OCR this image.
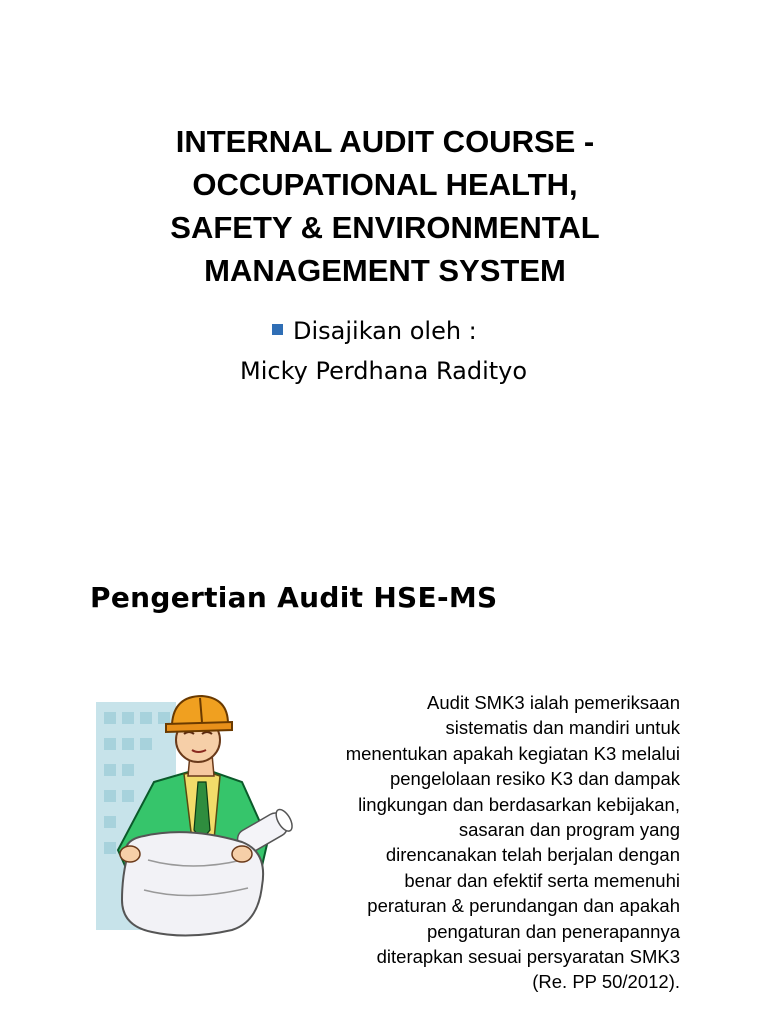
INTERNAL AUDIT COURSE -
OCCUPATIONAL HEALTH,
SAFETY & ENVIRONMENTAL
MANAGEMENT SYSTEM
Disajikan oleh :
Micky Perdhana Radityo
Pengertian Audit HSE-MS
Audit SMK3 ialah pemeriksaan
sistematis dan mandiri untuk
menentukan apakah kegiatan K3 melalui
pengelolaan resiko K3 dan dampak
lingkungan dan berdasarkan kebijakan,
sasaran dan program yang
direncanakan telah berjalan dengan
benar dan efektif serta memenuhi
peraturan & perundangan dan apakah
pengaturan dan penerapannya
diterapkan sesuai persyaratan SMK3
(Re. PP 50/2012).
